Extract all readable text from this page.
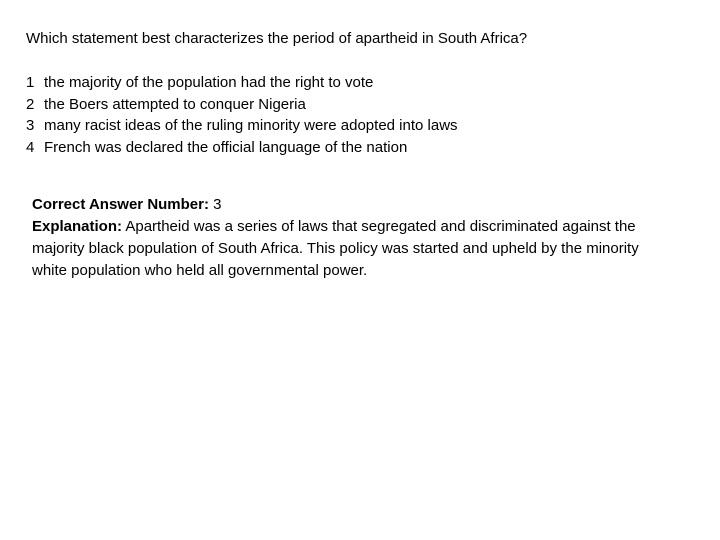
Which statement best characterizes the period of apartheid in South Africa?
1 the majority of the population had the right to vote
2 the Boers attempted to conquer Nigeria
3 many racist ideas of the ruling minority were adopted into laws
4 French was declared the official language of the nation
Correct Answer Number: 3

Explanation: Apartheid was a series of laws that segregated and discriminated against the majority black population of South Africa. This policy was started and upheld by the minority white population who held all governmental power.
